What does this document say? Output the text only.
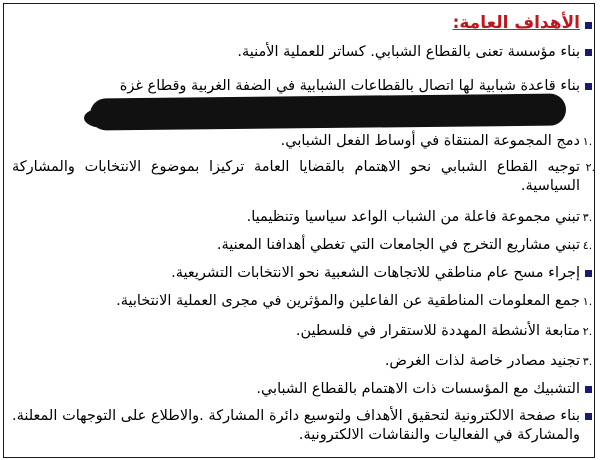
الأهداف العامة:
بناء مؤسسة تعنى بالقطاع الشبابي. كساتر للعملية الأمنية.
بناء قاعدة شبابية لها اتصال بالقطاعات الشبابية في الضفة الغربية وقطاع غزة
.١
دمج المجموعة المنتقاة في أوساط الفعل الشبابي.
.٢
توجيه القطاع الشبابي نحو الاهتمام بالقضايا العامة تركيزا بموضوع الانتخابات والمشاركة السياسية.
.٣
تبني مجموعة فاعلة من الشباب الواعد سياسيا وتنظيميا.
.٤
تبني مشاريع التخرج في الجامعات التي تغطي أهدافنا المعنية.
إجراء مسح عام مناطقي للاتجاهات الشعبية نحو الانتخابات التشريعية.
.١
جمع المعلومات المناطقية عن الفاعلين والمؤثرين في مجرى العملية الانتخابية.
.٢
متابعة الأنشطة المهددة للاستقرار في فلسطين.
.٣
تجنيد مصادر خاصة لذات الغرض.
التشبيك مع المؤسسات ذات الاهتمام بالقطاع الشبابي.
بناء صفحة الالكترونية لتحقيق الأهداف ولتوسيع دائرة المشاركة .والاطلاع على التوجهات المعلنة. والمشاركة في الفعاليات والنقاشات الالكترونية.
